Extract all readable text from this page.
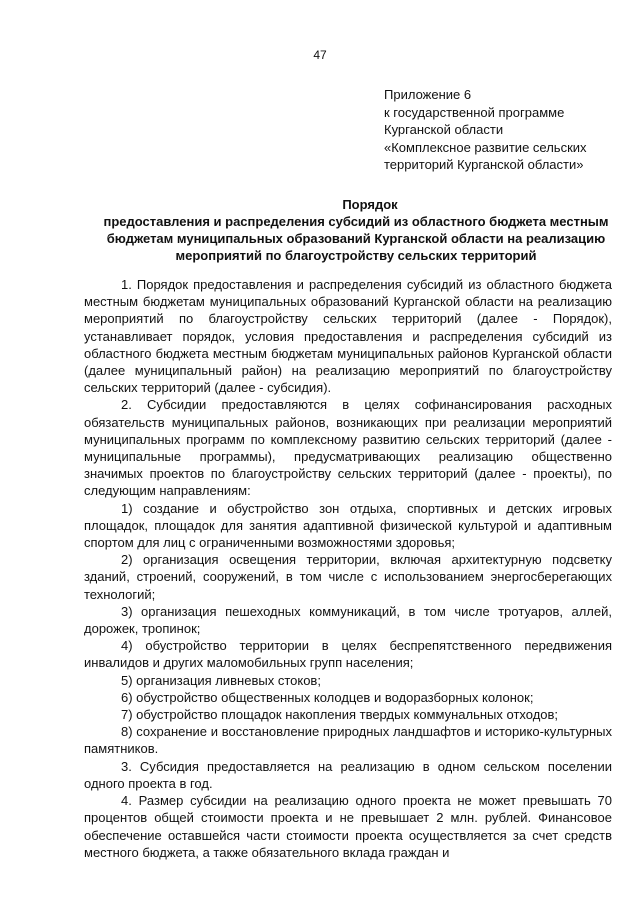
47
Приложение 6
к государственной программе
Курганской области
«Комплексное развитие сельских
территорий Курганской области»
Порядок
предоставления и распределения субсидий из областного бюджета местным бюджетам муниципальных образований Курганской области на реализацию мероприятий по благоустройству сельских территорий

1. Порядок предоставления и распределения субсидий из областного бюджета местным бюджетам муниципальных образований Курганской области на реализацию мероприятий по благоустройству сельских территорий (далее - Порядок), устанавливает порядок, условия предоставления и распределения субсидий из областного бюджета местным бюджетам муниципальных районов Курганской области (далее муниципальный район) на реализацию мероприятий по благоустройству сельских территорий (далее - субсидия).

2. Субсидии предоставляются в целях софинансирования расходных обязательств муниципальных районов, возникающих при реализации мероприятий муниципальных программ по комплексному развитию сельских территорий (далее - муниципальные программы), предусматривающих реализацию общественно значимых проектов по благоустройству сельских территорий (далее - проекты), по следующим направлениям:

1) создание и обустройство зон отдыха, спортивных и детских игровых площадок, площадок для занятия адаптивной физической культурой и адаптивным спортом для лиц с ограниченными возможностями здоровья;

2) организация освещения территории, включая архитектурную подсветку зданий, строений, сооружений, в том числе с использованием энергосберегающих технологий;

3) организация пешеходных коммуникаций, в том числе тротуаров, аллей, дорожек, тропинок;

4) обустройство территории в целях беспрепятственного передвижения инвалидов и других маломобильных групп населения;

5) организация ливневых стоков;

6) обустройство общественных колодцев и водоразборных колонок;

7) обустройство площадок накопления твердых коммунальных отходов;

8) сохранение и восстановление природных ландшафтов и историко-культурных памятников.

3. Субсидия предоставляется на реализацию в одном сельском поселении одного проекта в год.

4. Размер субсидии на реализацию одного проекта не может превышать 70 процентов общей стоимости проекта и не превышает 2 млн. рублей. Финансовое обеспечение оставшейся части стоимости проекта осуществляется за счет средств местного бюджета, а также обязательного вклада граждан и
